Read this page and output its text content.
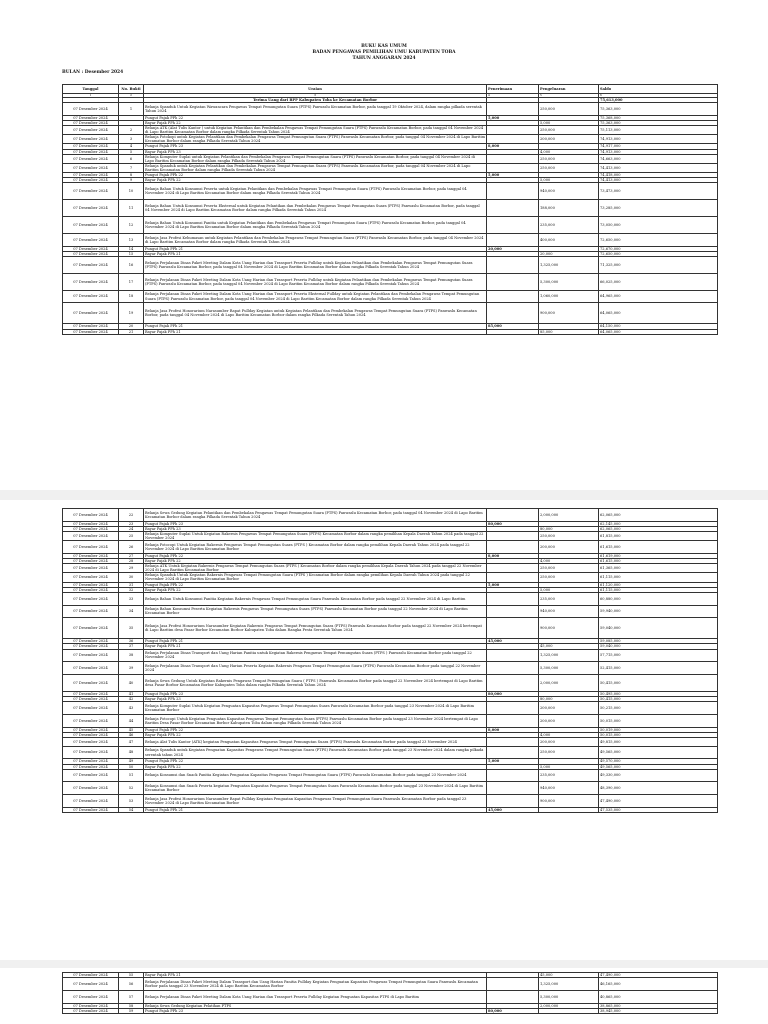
BUKU KAS UMUM
BADAN PENGAWAS PEMILIHAN UMU KABUPATEN TOBA
TAHUN ANGGARAN 2024
BULAN : Desember 2024
Tanggal	No. Bukti	Uraian	Penerimaan	Pengeluaran	Saldo
1	2	3	4	5	6
		Terima Uang dari BPP Kabupaten Toba ke Kecamatan Borbor			75,613,000
07 Desember 2024	1	Belanja Spanduk Untuk Kegiatan Wawancara Pengawas Tempat Pemungutan Suara (PTPS) Panwaslu Kecamatan Borbor, pada tanggal 19 Oktober 2024, dalam rangka pilkada serentak Tahun 2024		250,000	75,363,000
07 Desember 2024		Pungut Pajak PPh 22	5,000		75,368,000
07 Desember 2024		Bayar Pajak PPh 22		5,000	75,363,000
07 Desember 2024	2	Belanja ATK (Alat Tulis Kantor ) untuk Kegiatan Pelantikan dan Pembekalan Pengawas Tempat Pemungutan Suara (PTPS) Panwaslu Kecamatan Borbor, pada tanggal 04 November 2024 di Lapo Baritim Kecamatan Borbor dalam rangka Pilkada Serentak Tahun 2024		250,000	75,113,000
07 Desember 2024	3	Belanja Fotokopi untuk Kegiatan Pelantikan dan Pembekalan Pengawas Tempat Pemungutan Suara (PTPS) Panwaslu Kecamatan Borbor, pada tanggal 04 November 2024 di Lapo Baritim Kecamatan Borbor dalam rangka Pilkada Serentak Tahun 2024		200,000	74,913,000
07 Desember 2024	4	Pungut Pajak PPh 23	8,000		74,917,000
07 Desember 2024	5	Bayar Pajak PPh 23		4,000	74,913,000
07 Desember 2024	6	Belanja Komputer Suplai untuk Kegiatan Pelantikan dan Pembekalan Pengawas Tempat Pemungutan Suara (PTPS) Panwaslu Kecamatan Borbor, pada tanggal 04 November 2024 di Lapo Baritim Kecamatan Borbor dalam rangka Pilkada Serentak Tahun 2024		250,000	74,663,000
07 Desember 2024	7	Belanja Spanduk untuk Kegiatan Pelantikan dan Pembekalan Pengawas Tempat Pemungutan Suara (PTPS) Panwaslu Kecamatan Borbor, pada tanggal 04 November 2024 di Lapo Baritim Kecamatan Borbor dalam rangka Pilkada Serentak Tahun 2024		250,000	74,413,000
07 Desember 2024	8	Pungut Pajak PPh 22	5,000		74,418,000
07 Desember 2024	9	Bayar Pajak PPh 22		5,000	74,413,000
07 Desember 2024	10	Belanja Bahan Untuk Konsumsi Peserta untuk Kegiatan Pelantikan dan Pembekalan Pengawas Tempat Pemungutan Suara (PTPS) Panwaslu Kecamatan Borbor, pada tanggal 04 November 2024 di Lapo Baritim Kecamatan Borbor dalam rangka Pilkada Serentak Tahun 2024		940,000	73,473,000
07 Desember 2024	11	Belanja Bahan Untuk Konsumsi Peserta Eksternal untuk Kegiatan Pelantikan dan Pembekalan Pengawas Tempat Pemungutan Suara (PTPS) Panwaslu Kecamatan Borbor, pada tanggal 04 November 2024 di Lapo Baritim Kecamatan Borbor dalam rangka Pilkada Serentak Tahun 2024		188,000	73,285,000
07 Desember 2024	12	Belanja Bahan Untuk Konsumsi Panitia untuk Kegiatan Pelantikan dan Pembekalan Pengawas Tempat Pemungutan Suara (PTPS) Panwaslu Kecamatan Borbor, pada tanggal 04 November 2024 di Lapo Baritim Kecamatan Borbor dalam rangka Pilkada Serentak Tahun 2024		235,000	73,050,000
07 Desember 2024	13	Belanja Jasa Profesi Kehumasan untuk Kegiatan Pelantikan dan Pembekalan Pengawas Tempat Pemungutan Suara (PTPS) Panwaslu Kecamatan Borbor, pada tanggal 04 November 2024 di Lapo Baritim Kecamatan Borbor dalam rangka Pilkada Serentak Tahun 2024		400,000	72,650,000
07 Desember 2024	14	Pungut Pajak PPh 21	20,000		72,670,000
07 Desember 2024	15	Bayar Pajak PPh 21		20,000	72,650,000
07 Desember 2024	16	Belanja Perjalanan Dinas Paket Meeting Dalam Kota Uang Harian dan Transport Peserta Fullday untuk Kegiatan Pelantikan dan Pembekalan Pengawas Tempat Pemungutan Suara (PTPS) Panwaslu Kecamatan Borbor, pada tanggal 04 November 2024 di Lapo Baritim Kecamatan Borbor dalam rangka Pilkada Serentak Tahun 2024		1,325,000	71,325,000
07 Desember 2024	17	Belanja Perjalanan Dinas Paket Meeting Dalam Kota Uang Harian dan Transport Peserta Fullday untuk Kegiatan Pelantikan dan Pembekalan Pengawas Tempat Pemungutan Suara (PTPS) Panwaslu Kecamatan Borbor, pada tanggal 04 November 2024 di Lapo Baritim Kecamatan Borbor dalam rangka Pilkada Serentak Tahun 2024		5,300,000	66,025,000
07 Desember 2024	18	Belanja Perjalanan Dinas Paket Meeting Dalam Kota Uang Harian dan Transport Peserta Eksternal Fullday untuk Kegiatan Pelantikan dan Pembekalan Pengawas Tempat Pemungutan Suara (PTPS) Panwaslu Kecamatan Borbor, pada tanggal 04 November 2024 di Lapo Baritim Kecamatan Borbor dalam rangka Pilkada Serentak Tahun 2024		1,060,000	64,965,000
07 Desember 2024	19	Belanja Jasa Profesi Honorarium Narasumber Rapat Fullday Kegiatan untuk Kegiatan Pelantikan dan Pembekalan Pengawas Tempat Pemungutan Suara (PTPS) Panwaslu Kecamatan Borbor, pada tanggal 04 November 2024 di Lapo Baritim Kecamatan Borbor dalam rangka Pilkada Serentak Tahun 2024		900,000	64,065,000
07 Desember 2024	20	Pungut Pajak PPh 21	85,000		64,150,000
07 Desember 2024	21	Bayar Pajak PPh 21		85,000	64,065,000
07 Desember 2024	22	Belanja Sewa Gedung Kegiatan Pelantikan dan Pembekalan Pengawas Tempat Pemungutan Suara (PTPS) Panwaslu Kecamatan Borbor, pada tanggal 04 November 2024 di Lapo Baritim Kecamatan Borbor dalam rangka Pilkada Serentak Tahun 2024		2,000,000	62,065,000
07 Desember 2024	23	Pungut Pajak PPh 23	80,000		62,145,000
07 Desember 2024	24	Bayar Pajak PPh 23		80,000	62,065,000
07 Desember 2024	25	Belanja Komputer Suplai Untuk Kegiatan Rakernis Pengawas Tempat Pemungutan Suara (PTPS) Kecamatan Borbor dalam rangka pemilihan Kepala Daerah Tahun 2024 pada tanggal 22 November 2024		250,000	61,815,000
07 Desember 2024	26	Belanja Fotocopi Untuk Kegiatan Rakernis Pengawas Tempat Pemungutan Suara (PTPS ) Kecamatan Borbor dalam rangka pemilihan Kepala Daerah Tahun 2024 pada tanggal 22 November 2024 di Lapo Baritim Kecamatan Borbor		200,000	61,615,000
07 Desember 2024	27	Pungut Pajak PPh 22	8,000		61,619,000
07 Desember 2024	28	Bayar Pajak PPh 22		4,000	61,615,000
07 Desember 2024	29	Belanja ATK Untuk Kegiatan Rakernis Pengawas Tempat Pemungutan Suara (PTPS ) Kecamatan Borbor dalam rangka pemilihan Kepala Daerah Tahun 2024 pada tanggal 22 November 2024 di Lapo Baritim Kecamatan Borbor		250,000	61,365,000
07 Desember 2024	30	Belanja Spanduk Untuk Kegiatan Rakernis Pengawas Tempat Pemungutan Suara (PTPS ) Kecamatan Borbor dalam rangka pemilihan Kepala Daerah Tahun 2024 pada tanggal 22 November 2024 di Lapo Baritim Kecamatan Borbor		250,000	61,115,000
07 Desember 2024	31	Pungut Pajak PPh 22	5,000		61,120,000
07 Desember 2024	32	Bayar Pajak PPh 22		5,000	61,115,000
07 Desember 2024	33	Belanja Bahan Untuk Konsumsi Panitia Kegiatan Rakernis Pengawas Tempat Pemungutan Suara Panwaslu Kecamatan Borbor pada tanggal 22 November 2024 di Lapo Baritim		235,000	60,880,000
07 Desember 2024	34	Belanja Bahan Konsumsi Peserta Kegiatan Rakernis Pengawas Tempat Pemungutan Suara (PTPS) Panwaslu Kecamatan Borbor pada tanggal 22 November 2024 di Lapo Baritim Kecamatan Borbor		940,000	59,940,000
07 Desember 2024	35	Belanja Jasa Profesi Honorarium Narasumber Kegiatan Rakernis Pengawas Tempat Pemungutan Suara (PTPS) Panwaslu Kecamatan Borbor pada tanggal 22 November 2024 bertempat di Lapo Baritim desa Pasar Borbor Kecamatan Borbor Kabupaten Toba dalam Rangka Pesta Serentak Tahun 2024		900,000	59,040,000
07 Desember 2024	36	Pungut Pajak PPh 21	45,000		59,085,000
07 Desember 2024	37	Bayar Pajak PPh 21		45,000	59,040,000
07 Desember 2024	38	Belanja Perjalanan Dinas Transport dan Uang Harian Panitia untuk Kegiatan Rakernis Pengawas Tempat Pemungutan Suara (PTPS ) Panwaslu Kecamatan Borbor pada tanggal 22 November 2024		1,325,000	57,715,000
07 Desember 2024	39	Belanja Perjalanan Dinas Transport dan Uang Harian Peserta Kegiatan Rakernis Pengawas Tempat Pemungutan Suara (PTPS) Panwaslu Kecamatan Borbor pada tanggal 22 November 2024		5,300,000	52,415,000
07 Desember 2024	40	Belanja Sewa Gedung Untuk Kegiatan Rakernis Pengawas Tempat Pemungutan Suara ( PTPS ) Panwaslu Kecamatan Borbor pada tanggal 22 November 2024 bertempat di Lapo Baritim desa Pasar Borbor Kecamatan Borbor Kabupaten Toba dalam rangka Pilkada Serentak Tahun 2024		2,000,000	50,415,000
07 Desember 2024	41	Pungut Pajak PPh 23	80,000		50,495,000
07 Desember 2024	42	Bayar Pajak PPh 23		80,000	50,415,000
07 Desember 2024	43	Belanja Komputer Suplai Untuk Kegiatan Penguatan Kapasitas Pengawas Tempat Pemungutan Suara Panwaslu Kecamatan Borbor pada tanggal 23 November 2024 di Lapo Baritim Kecamatan Borbor		200,000	50,215,000
07 Desember 2024	44	Belanja Fotocopi Untuk Kegiatan Penguatan Kapasitas Pengawas Tempat Pemungutan Suara (PTPS) Panwaslu Kecamatan Borbor pada tanggal 23 November 2024 bertempat di Lapo Baritim Desa Pasar Borbor Kecamatan Borbor Kabupaten Toba dalam rangka Pilkada Serentak Tahun 2024		200,000	50,015,000
07 Desember 2024	45	Pungut Pajak PPh 22	8,000		50,019,000
07 Desember 2024	46	Bayar Pajak PPh 22		4,000	50,015,000
07 Desember 2024	47	Belanja Alat Tulis Kantor (ATK) kegiatan Penguatan Kapasitas Pengawas Tempat Pemungutan Suara (PTPS) Panwaslu Kecamatan Borbor pada tanggal 23 November 2024		200,000	49,815,000
07 Desember 2024	48	Belanja Spanduk untuk Kegiatan Penguatan Kapasitas Pengawas Tempat Pemungutan Suara (PTPS) Panwaslu Kecamatan Borbor pada tanggal 23 November 2024 dalam rangka pilkada serentak tahun 2024		250,000	49,565,000
07 Desember 2024	49	Pungut Pajak PPh 22	5,000		49,570,000
07 Desember 2024	50	Bayar Pajak PPh 22		5,000	49,565,000
07 Desember 2024	51	Belanja Konsumsi dan Snack Panitia Kegiatan Penguatan Kapasitas Pengawas Tempat Pemungutan Suara (PTPS) Panwaslu Kecamatan Borbor pada tanggal 23 November 2024		235,000	49,330,000
07 Desember 2024	52	Belanja Konsumsi dan Snack Peserta kegiatan Penguatan Kapasitas Pengawas Tempat Pemungutan Suara Panwaslu Kecamatan Borbor pada tanggal 23 November 2024 di Lapo Baritim Kecamatan Borbor		940,000	48,390,000
07 Desember 2024	53	Belanja Jasa Profesi Honorarium Narasumber Rapat Fullday Kegiatan Penguatan Kapasitas Pengawas Tempat Pemungutan Suara Panwaslu Kecamatan Borbor pada tanggal 23 November 2024 di Lapo Baritim Kecamatan Borbor		900,000	47,490,000
07 Desember 2024	54	Pungut Pajak PPh 21	45,000		47,535,000
07 Desember 2024	55	Bayar Pajak PPh 21		45,000	47,490,000
07 Desember 2024	56	Belanja Perjalanan Dinas Paket Meeting Dalam Transport dan Uang Harian Panitia Fullday Kegiatan Penguatan Kapasitas Pengawas Tempat Pemungutan Suara Panwaslu Kecamatan Borbor pada tanggal 23 November 2024 di Lapo Baritim Kecamatan Borbor		1,325,000	46,165,000
07 Desember 2024	57	Belanja Perjalanan Dinas Paket Meeting Dalam Kota Uang Harian dan Transport Peserta Fullday Kegiatan Penguatan Kapasitas PTPS di Lapo Baritim		5,300,000	40,865,000
07 Desember 2024	58	Belanja Sewa Gedung Kegiatan Pelatihan PTPS		2,000,000	38,865,000
07 Desember 2024	59	Pungut Pajak PPh 23	80,000		38,945,000
